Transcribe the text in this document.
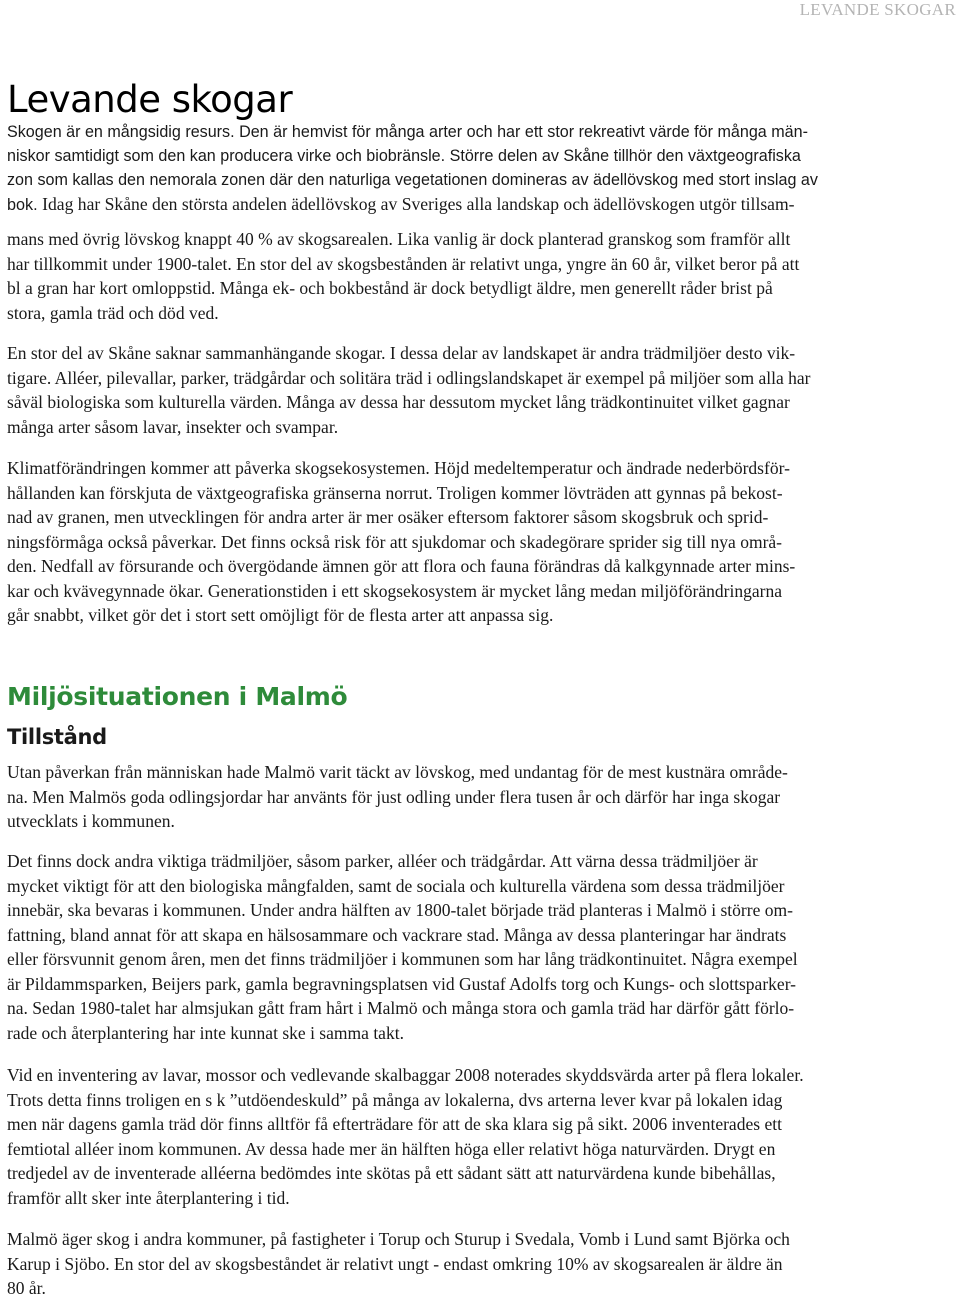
LEVANDE SKOGAR
Levande skogar
Skogen är en mångsidig resurs. Den är hemvist för många arter och har ett stor rekreativt värde för många män-
niskor samtidigt som den kan producera virke och biobränsle. Större delen av Skåne tillhör den växtgeografiska
zon som kallas den nemorala zonen där den naturliga vegetationen domineras av ädellövskog med stort inslag av
bok. Idag har Skåne den största andelen ädellövskog av Sveriges alla landskap och ädellövskogen utgör tillsam-
mans med övrig lövskog knappt 40 % av skogsarealen. Lika vanlig är dock planterad granskog som framför allt
har tillkommit under 1900-talet. En stor del av skogsbestånden är relativt unga, yngre än 60 år, vilket beror på att
bl a gran har kort omloppstid. Många ek- och bokbestånd är dock betydligt äldre, men generellt råder brist på
stora, gamla träd och död ved.
En stor del av Skåne saknar sammanhängande skogar. I dessa delar av landskapet är andra trädmiljöer desto vik-
tigare. Alléer, pilevallar, parker, trädgårdar och solitära träd i odlingslandskapet är exempel på miljöer som alla har
såväl biologiska som kulturella värden. Många av dessa har dessutom mycket lång trädkontinuitet vilket gagnar
många arter såsom lavar, insekter och svampar.
Klimatförändringen kommer att påverka skogsekosystemen. Höjd medeltemperatur och ändrade nederbördsför-
hållanden kan förskjuta de växtgeografiska gränserna norrut. Troligen kommer lövträden att gynnas på bekost-
nad av granen, men utvecklingen för andra arter är mer osäker eftersom faktorer såsom skogsbruk och sprid-
ningsförmåga också påverkar. Det finns också risk för att sjukdomar och skadegörare sprider sig till nya områ-
den. Nedfall av försurande och övergödande ämnen gör att flora och fauna förändras då kalkgynnade arter mins-
kar och kvävegynnade ökar. Generationstiden i ett skogsekosystem är mycket lång medan miljöförändringarna
går snabbt, vilket gör det i stort sett omöjligt för de flesta arter att anpassa sig.
Miljösituationen i Malmö
Tillstånd
Utan påverkan från människan hade Malmö varit täckt av lövskog, med undantag för de mest kustnära område-
na. Men Malmös goda odlingsjordar har använts för just odling under flera tusen år och därför har inga skogar
utvecklats i kommunen.
Det finns dock andra viktiga trädmiljöer, såsom parker, alléer och trädgårdar. Att värna dessa trädmiljöer är
mycket viktigt för att den biologiska mångfalden, samt de sociala och kulturella värdena som dessa trädmiljöer
innebär, ska bevaras i kommunen. Under andra hälften av 1800-talet började träd planteras i Malmö i större om-
fattning, bland annat för att skapa en hälsosammare och vackrare stad. Många av dessa planteringar har ändrats
eller försvunnit genom åren, men det finns trädmiljöer i kommunen som har lång trädkontinuitet. Några exempel
är Pildammsparken, Beijers park, gamla begravningsplatsen vid Gustaf Adolfs torg och Kungs- och slottsparker-
na. Sedan 1980-talet har almsjukan gått fram hårt i Malmö och många stora och gamla träd har därför gått förlo-
rade och återplantering har inte kunnat ske i samma takt.
Vid en inventering av lavar, mossor och vedlevande skalbaggar 2008 noterades skyddsvärda arter på flera lokaler.
Trots detta finns troligen en s k ”utdöendeskuld” på många av lokalerna, dvs arterna lever kvar på lokalen idag
men när dagens gamla träd dör finns alltför få efterträdare för att de ska klara sig på sikt. 2006 inventerades ett
femtiotal alléer inom kommunen. Av dessa hade mer än hälften höga eller relativt höga naturvärden. Drygt en
tredjedel av de inventerade alléerna bedömdes inte skötas på ett sådant sätt att naturvärdena kunde bibehållas,
framför allt sker inte återplantering i tid.
Malmö äger skog i andra kommuner, på fastigheter i Torup och Sturup i Svedala, Vomb i Lund samt Björka och
Karup i Sjöbo. En stor del av skogsbeståndet är relativt ungt - endast omkring 10% av skogsarealen är äldre än
80 år.
